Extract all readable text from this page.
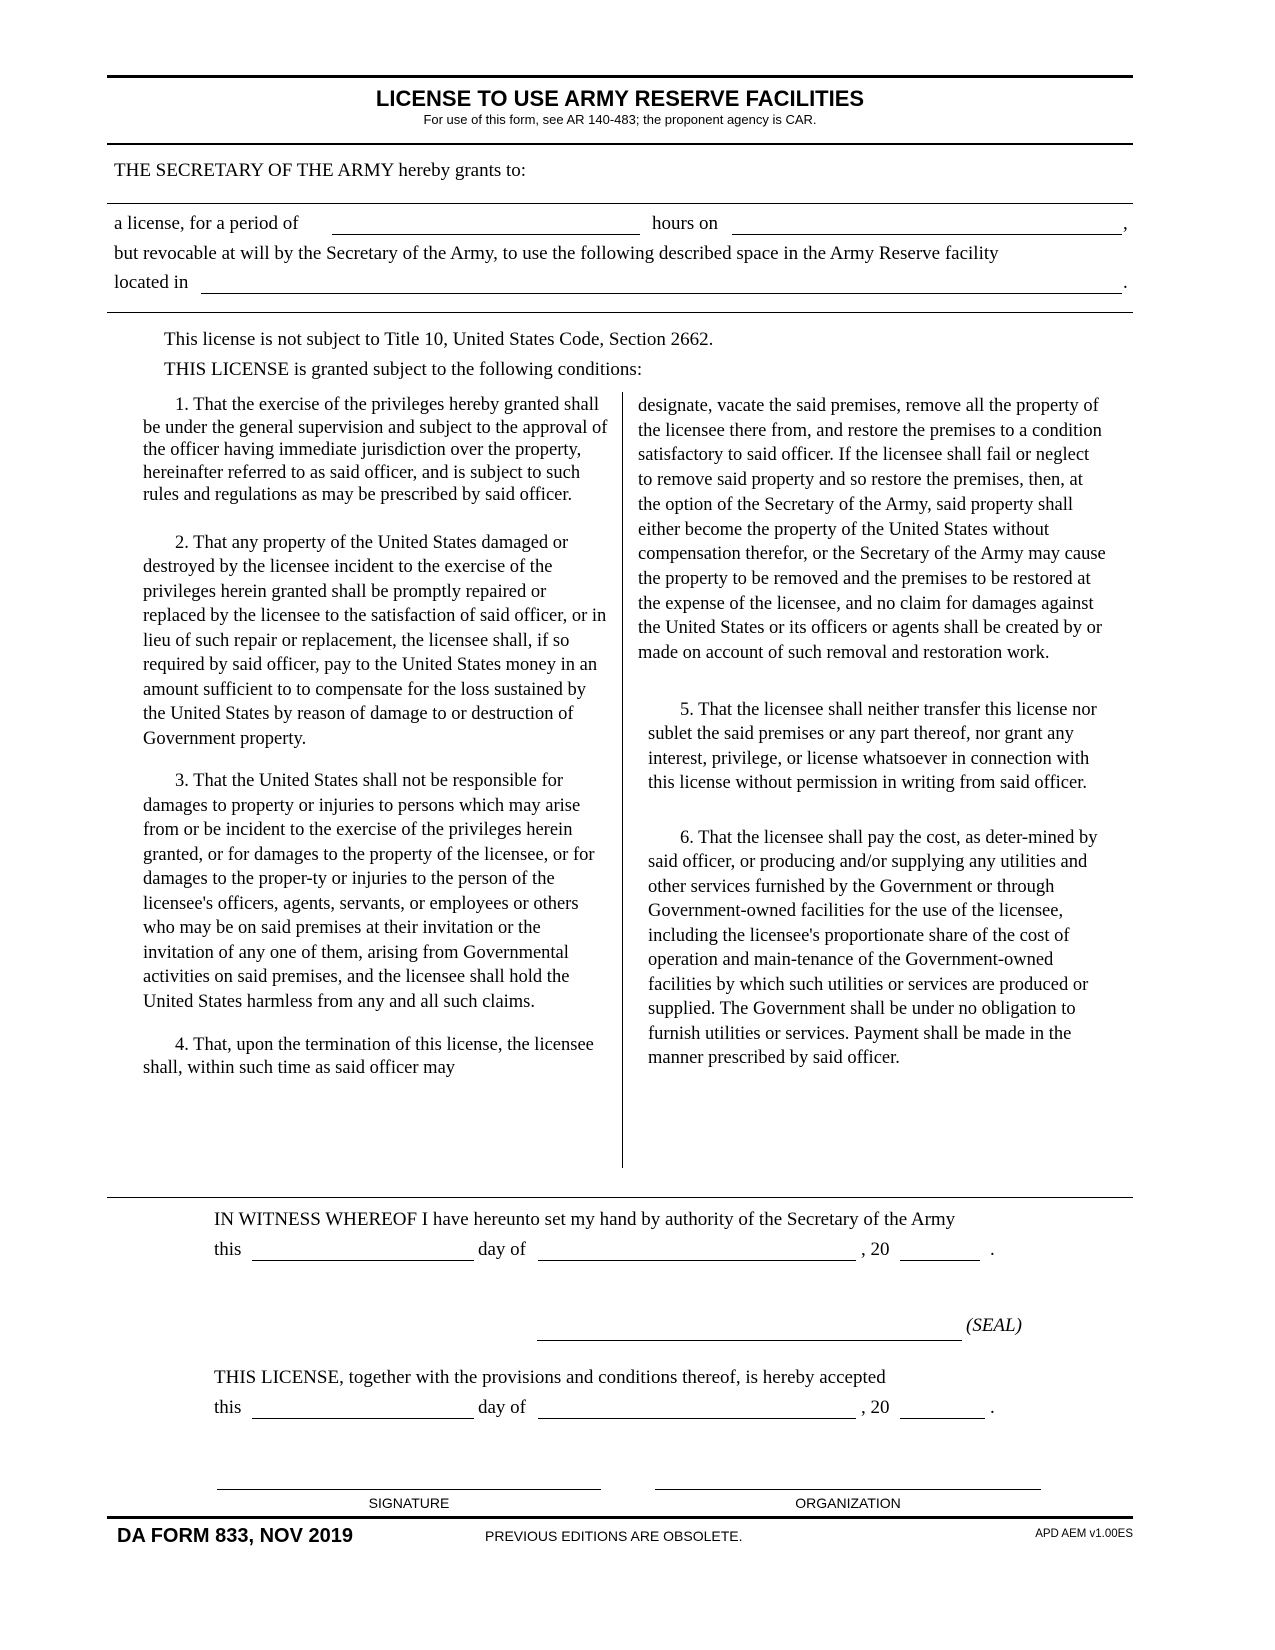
LICENSE TO USE ARMY RESERVE FACILITIES
For use of this form, see AR 140-483; the proponent agency is CAR.
THE SECRETARY OF THE ARMY hereby grants to:
a license, for a period of	hours on	,
but revocable at will by the Secretary of the Army, to use the following described space in the Army Reserve facility
located in	.
This license is not subject to Title 10, United States Code, Section 2662.
THIS LICENSE is granted subject to the following conditions:

1. That the exercise of the privileges hereby granted shall be under the general supervision and subject to the approval of the officer having immediate jurisdiction over the property, hereinafter referred to as said officer, and is subject to such rules and regulations as may be prescribed by said officer.

2. That any property of the United States damaged or destroyed by the licensee incident to the exercise of the privileges herein granted shall be promptly repaired or replaced by the licensee to the satisfaction of said officer, or in lieu of such repair or replacement, the licensee shall, if so required by said officer, pay to the United States money in an amount sufficient to to compensate for the loss sustained by the United States by reason of damage to or destruction of Government property.

3. That the United States shall not be responsible for damages to property or injuries to persons which may arise from or be incident to the exercise of the privileges herein granted, or for damages to the property of the licensee, or for damages to the proper-ty or injuries to the person of the licensee's officers, agents, servants, or employees or others who may be on said premises at their invitation or the invitation of any one of them, arising from Governmental activities on said premises, and the licensee shall hold the United States harmless from any and all such claims.

4. That, upon the termination of this license, the licensee shall, within such time as said officer may

designate, vacate the said premises, remove all the property of the licensee there from, and restore the premises to a condition satisfactory to said officer. If the licensee shall fail or neglect to remove said property and so restore the premises, then, at the option of the Secretary of the Army, said property shall either become the property of the United States without compensation therefor, or the Secretary of the Army may cause the property to be removed and the premises to be restored at the expense of the licensee, and no claim for damages against the United States or its officers or agents shall be created by or made on account of such removal and restoration work.

5. That the licensee shall neither transfer this license nor sublet the said premises or any part thereof, nor grant any interest, privilege, or license whatsoever in connection with this license without permission in writing from said officer.

6. That the licensee shall pay the cost, as deter-mined by said officer, or producing and/or supplying any utilities and other services furnished by the Government or through Government-owned facilities for the use of the licensee, including the licensee's proportionate share of the cost of operation and main-tenance of the Government-owned facilities by which such utilities or services are produced or supplied. The Government shall be under no obligation to furnish utilities or services. Payment shall be made in the manner prescribed by said officer.

IN WITNESS WHEREOF I have hereunto set my hand by authority of the Secretary of the Army
this	day of	, 20	.
(SEAL)
THIS LICENSE, together with the provisions and conditions thereof, is hereby accepted
this	day of	, 20	.
SIGNATURE	ORGANIZATION
DA FORM 833, NOV 2019	PREVIOUS EDITIONS ARE OBSOLETE.	APD AEM v1.00ES
